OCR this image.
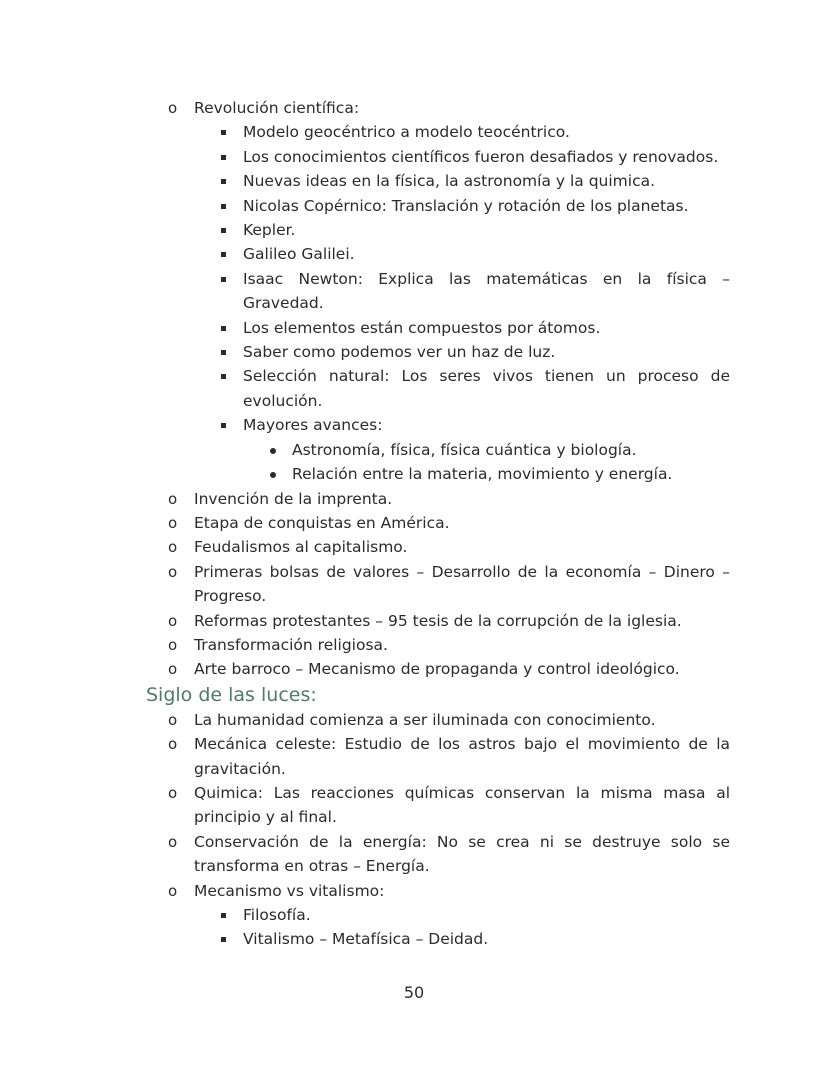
o Revolución científica:
Modelo geocéntrico a modelo teocéntrico.
Los conocimientos científicos fueron desafiados y renovados.
Nuevas ideas en la física, la astronomía y la quimica.
Nicolas Copérnico: Translación y rotación de los planetas.
Kepler.
Galileo Galilei.
Isaac Newton: Explica las matemáticas en la física – Gravedad.
Los elementos están compuestos por átomos.
Saber como podemos ver un haz de luz.
Selección natural: Los seres vivos tienen un proceso de evolución.
Mayores avances:
Astronomía, física, física cuántica y biología.
Relación entre la materia, movimiento y energía.
o Invención de la imprenta.
o Etapa de conquistas en América.
o Feudalismos al capitalismo.
o Primeras bolsas de valores – Desarrollo de la economía – Dinero – Progreso.
o Reformas protestantes – 95 tesis de la corrupción de la iglesia.
o Transformación religiosa.
o Arte barroco – Mecanismo de propaganda y control ideológico.
Siglo de las luces:
o La humanidad comienza a ser iluminada con conocimiento.
o Mecánica celeste: Estudio de los astros bajo el movimiento de la gravitación.
o Quimica: Las reacciones químicas conservan la misma masa al principio y al final.
o Conservación de la energía: No se crea ni se destruye solo se transforma en otras – Energía.
o Mecanismo vs vitalismo:
Filosofía.
Vitalismo – Metafísica – Deidad.
50
